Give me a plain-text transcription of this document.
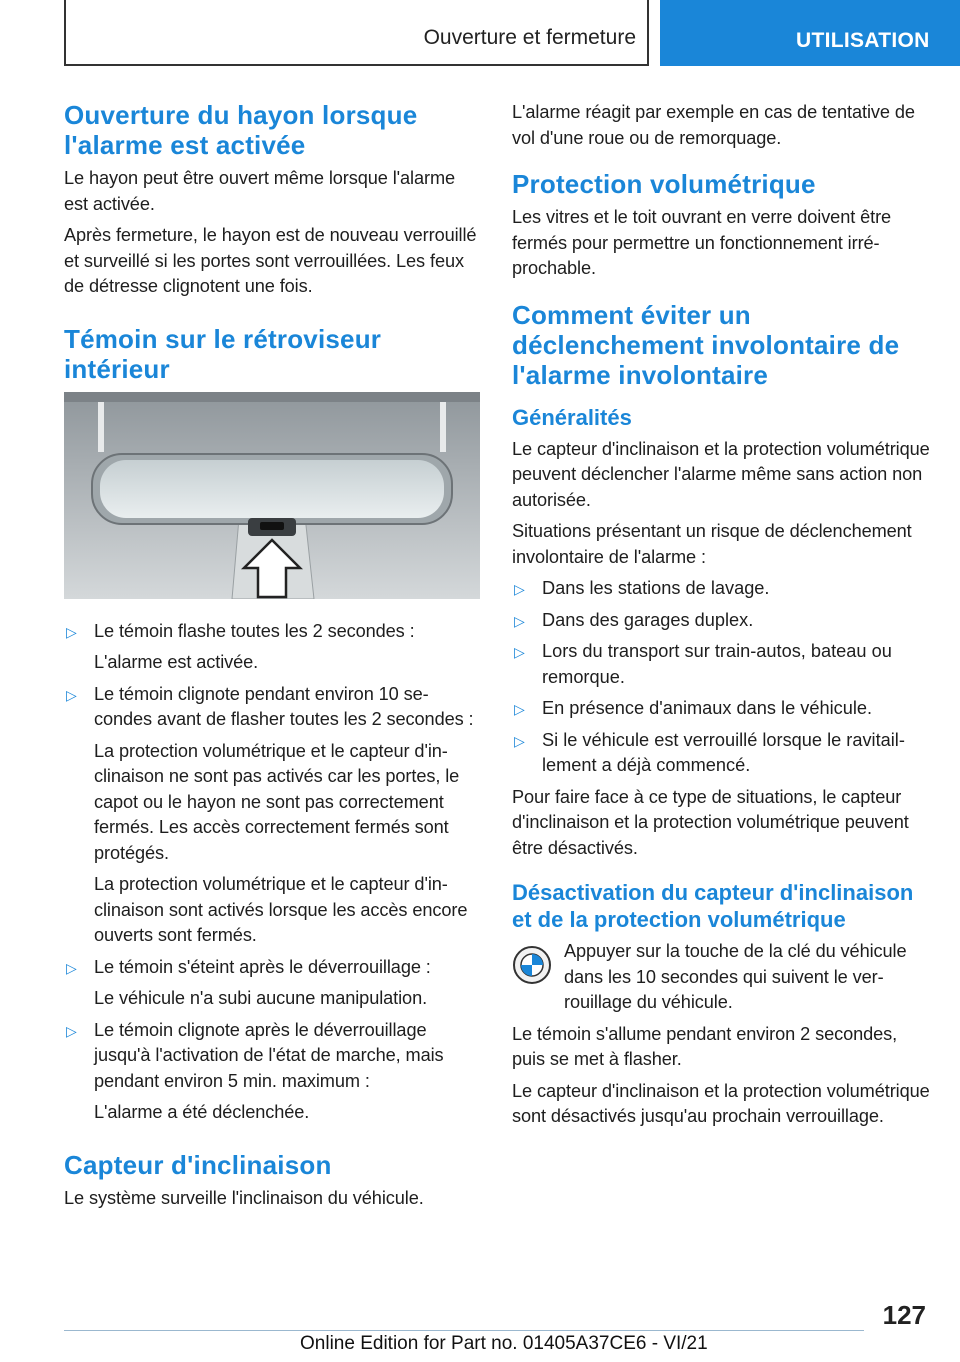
Ouverture et fermeture	UTILISATION
Ouverture du hayon lorsque l'alarme est activée

Le hayon peut être ouvert même lorsque l'alarme est activée.

Après fermeture, le hayon est de nouveau verrouillé et surveillé si les portes sont verrouillées. Les feux de détresse clignotent une fois.

Témoin sur le rétroviseur intérieur
▷ Le témoin flashe toutes les 2 secondes :

L'alarme est activée.

▷ Le témoin clignote pendant environ 10 secondes avant de flasher toutes les 2 secondes :

La protection volumétrique et le capteur d'inclinaison ne sont pas activés car les portes, le capot ou le hayon ne sont pas correctement fermés. Les accès correctement fermés sont protégés.

La protection volumétrique et le capteur d'inclinaison sont activés lorsque les accès encore ouverts sont fermés.

▷ Le témoin s'éteint après le déverrouillage :

Le véhicule n'a subi aucune manipulation.

▷ Le témoin clignote après le déverrouillage jusqu'à l'activation de l'état de marche, mais pendant environ 5 min. maximum :

L'alarme a été déclenchée.

Capteur d'inclinaison

Le système surveille l'inclinaison du véhicule.

L'alarme réagit par exemple en cas de tentative de vol d'une roue ou de remorquage.

Protection volumétrique

Les vitres et le toit ouvrant en verre doivent être fermés pour permettre un fonctionnement irréprochable.

Comment éviter un déclenchement involontaire de l'alarme involontaire
Généralités

Le capteur d'inclinaison et la protection volumétrique peuvent déclencher l'alarme même sans action non autorisée.

Situations présentant un risque de déclenchement involontaire de l'alarme :

▷ Dans les stations de lavage.
▷ Dans des garages duplex.
▷ Lors du transport sur train-autos, bateau ou remorque.
▷ En présence d'animaux dans le véhicule.
▷ Si le véhicule est verrouillé lorsque le ravitaillement a déjà commencé.

Pour faire face à ce type de situations, le capteur d'inclinaison et la protection volumétrique peuvent être désactivés.

Désactivation du capteur d'inclinaison et de la protection volumétrique

Appuyer sur la touche de la clé du véhicule dans les 10 secondes qui suivent le verrouillage du véhicule.

Le témoin s'allume pendant environ 2 secondes, puis se met à flasher.

Le capteur d'inclinaison et la protection volumétrique sont désactivés jusqu'au prochain verrouillage.

127
Online Edition for Part no. 01405A37CE6 - VI/21
